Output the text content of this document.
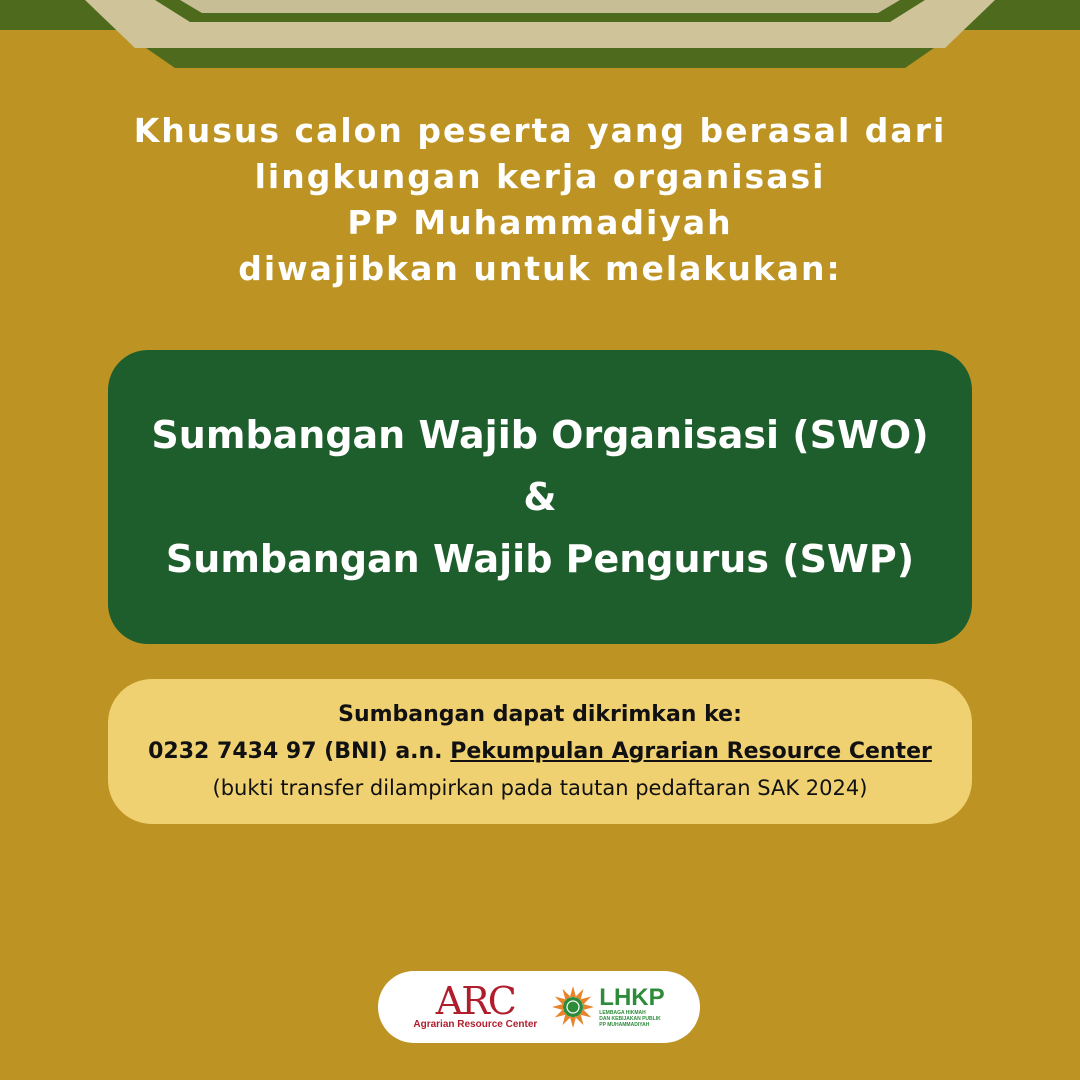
Khusus calon peserta yang berasal dari
lingkungan kerja organisasi
PP Muhammadiyah
diwajibkan untuk melakukan:
Sumbangan Wajib Organisasi (SWO)
&
Sumbangan Wajib Pengurus (SWP)
Sumbangan dapat dikrimkan ke:
0232 7434 97 (BNI) a.n. Pekumpulan Agrarian Resource Center
(bukti transfer dilampirkan pada tautan pedaftaran SAK 2024)
ARC
Agrarian Resource Center
LHKP
LEMBAGA HIKMAH
DAN KEBIJAKAN PUBLIK
PP MUHAMMADIYAH
